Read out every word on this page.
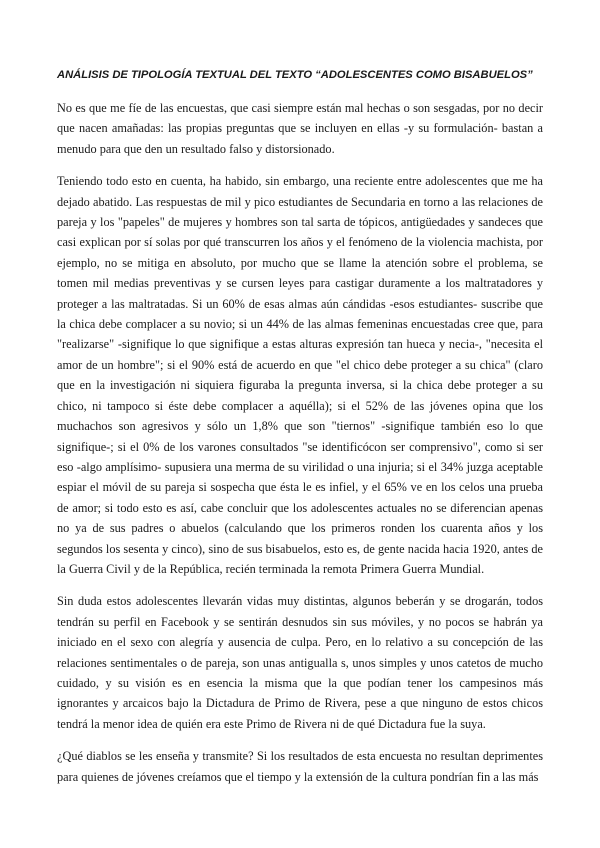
ANÁLISIS DE TIPOLOGÍA TEXTUAL DEL TEXTO “ADOLESCENTES COMO BISABUELOS”

No es que me fíe de las encuestas, que casi siempre están mal hechas o son sesgadas, por no decir que nacen amañadas: las propias preguntas que se incluyen en ellas -y su formulación- bastan a menudo para que den un resultado falso y distorsionado.

Teniendo todo esto en cuenta, ha habido, sin embargo, una reciente entre adolescentes que me ha dejado abatido. Las respuestas de mil y pico estudiantes de Secundaria en torno a las relaciones de pareja y los "papeles" de mujeres y hombres son tal sarta de tópicos, antigüedades y sandeces que casi explican por sí solas por qué transcurren los años y el fenómeno de la violencia machista, por ejemplo, no se mitiga en absoluto, por mucho que se llame la atención sobre el problema, se tomen mil medias preventivas y se cursen leyes para castigar duramente a los maltratadores y proteger a las maltratadas. Si un 60% de esas almas aún cándidas -esos estudiantes- suscribe que la chica debe complacer a su novio; si un 44% de las almas femeninas encuestadas cree que, para "realizarse" -signifique lo que signifique a estas alturas expresión tan hueca y necia-, "necesita el amor de un hombre"; si el 90% está de acuerdo en que "el chico debe proteger a su chica" (claro que en la investigación ni siquiera figuraba la pregunta inversa, si la chica debe proteger a su chico, ni tampoco si éste debe complacer a aquélla); si el 52% de las jóvenes opina que los muchachos son agresivos y sólo un 1,8% que son "tiernos" -signifique también eso lo que signifique-; si el 0% de los varones consultados "se identificócon ser comprensivo", como si ser eso -algo amplísimo- supusiera una merma de su virilidad o una injuria; si el 34% juzga aceptable espiar el móvil de su pareja si sospecha que ésta le es infiel, y el 65% ve en los celos una prueba de amor; si todo esto es así, cabe concluir que los adolescentes actuales no se diferencian apenas no ya de sus padres o abuelos (calculando que los primeros ronden los cuarenta años y los segundos los sesenta y cinco), sino de sus bisabuelos, esto es, de gente nacida hacia 1920, antes de la Guerra Civil y de la República, recién terminada la remota Primera Guerra Mundial.

Sin duda estos adolescentes llevarán vidas muy distintas, algunos beberán y se drogarán, todos tendrán su perfil en Facebook y se sentirán desnudos sin sus móviles, y no pocos se habrán ya iniciado en el sexo con alegría y ausencia de culpa. Pero, en lo relativo a su concepción de las relaciones sentimentales o de pareja, son unas antigualla s, unos simples y unos catetos de mucho cuidado, y su visión es en esencia la misma que la que podían tener los campesinos más ignorantes y arcaicos bajo la Dictadura de Primo de Rivera, pese a que ninguno de estos chicos tendrá la menor idea de quién era este Primo de Rivera ni de qué Dictadura fue la suya.

¿Qué diablos se les enseña y transmite? Si los resultados de esta encuesta no resultan deprimentes para quienes de jóvenes creíamos que el tiempo y la extensión de la cultura pondrían fin a las más
